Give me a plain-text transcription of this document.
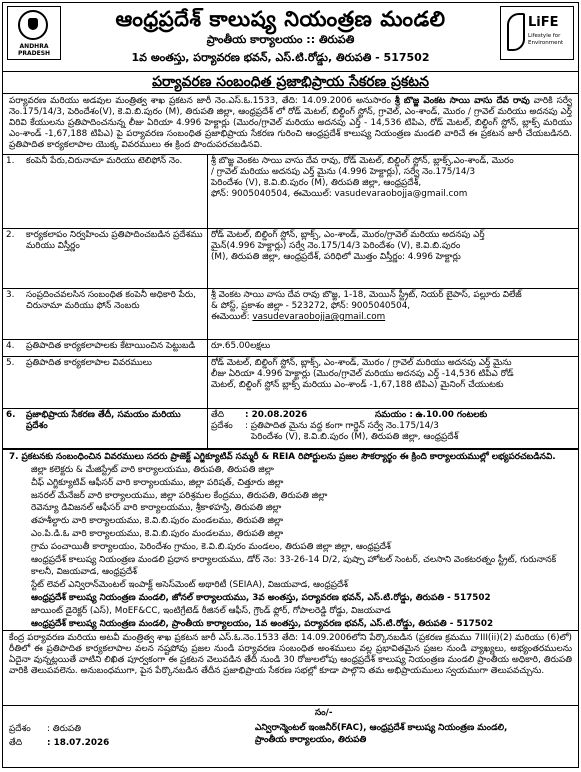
ANDHRA PRADESH
ఆంధ్రప్రదేశ్ కాలుష్య నియంత్రణ మండలి
ప్రాంతీయ కార్యాలయం :: తిరుపతి
1వ అంతస్తు, పర్యావరణ భవన్, ఎస్.టి.రోడ్డు, తిరుపతి - 517502
LiFE
Lifestyle for Environment
పర్యావరణ సంబంధిత ప్రజాభిప్రాయ సేకరణ ప్రకటన
పర్యావరణ మరియు అడవుల మంత్రిత్వ శాఖ ప్రకటన జారీ నెం.ఎస్.ఓ.1533, తేది: 14.09.2006 అనుసారం శ్రీ బొజ్జ వెంకట సాయి వాసు దేవ రావు వారికి సర్వే నెం.175/14/3, పెరిందేశం(V), కె.వి.బి.పురం (M), తిరుపతి జిల్లా, ఆంధ్రప్రదేశ్ లో రోడ్ మెటల్, బిల్డింగ్ స్టోన్, గ్రావెల్, ఎం-శాండ్, మొరం / గ్రావెల్ మరియు అదనపు ఎర్త్ విరివి కేయులను ప్రతిపాదించనున్న లీజు ఏరియా 4.996 హెక్టార్లు (మొరం/గ్రావెల్ మరియు అదనపు ఎర్త్ - 14,536 టిపిఎ, రోడ్ మెటల్, బిల్డింగ్ స్టోన్, బ్లాక్స్ మరియు ఎం-శాండ్ -1,67,188 టిపిఎ) పై పర్యావరణ సంబంధిత ప్రజాభిప్రాయ సేకరణ గురించి ఆంధ్రప్రదేశ్ కాలుష్య నియంత్రణ మండలి వారిచే ఈ ప్రకటన జారీ చేయబడినది. ప్రతిపాదిత కార్యకలాపాల యొక్క వివరములు ఈ క్రింద పొందుపరచబడినవి.
1.	కంపెనీ పేరు,చిరునామా మరియు టెలిఫోన్ నెం.	శ్రీ బొజ్జ వెంకట సాయి వాసు దేవ రావు, రోడ్ మెటల్, బిల్డింగ్ స్టోన్, బ్లాక్స్,ఎం-శాండ్, మొరం
/ గ్రావెల్ మరియు అదనపు ఎర్త్ మైను (4.996 హెక్టార్లు), సర్వే నెం.175/14/3
పెరిందేశం (V), కె.వి.బి.పురం (M), తిరుపతి జిల్లా, ఆంధ్రప్రదేశ్,
ఫోన్: 9005040504, ఈమెయిల్: vasudevaraobojja@gmail.com

2.	కార్యకలాపం నిర్వహించు ప్రతిపాదించబడిన ప్రదేశము మరియు విస్తీర్ణం	రోడ్ మెటల్, బిల్డింగ్ స్టోన్, బ్లాక్స్, ఎం-శాండ్, మొరం/గ్రావెల్ మరియు అదనపు ఎర్త్
మైన్(4.996 హెక్టార్లు) సర్వే నెం.175/14/3 పెరిందేశం (V), కె.వి.బి.పురం
(M), తిరుపతి జిల్లా, ఆంధ్రప్రదేశ్, పరిధిలో మొత్తం విస్తీర్ణం: 4.996 హెక్టార్లు

3.	సంప్రదించవలసిన సంబంధిత కంపెనీ అధికారి పేరు, చిరునామా మరియు ఫోన్ నెంబరు	శ్రీ వెంకట సాయి వాసు దేవ రావు బొజ్జ, 1-18, మెయిన్ స్ట్రీట్, నియర్ బైపాస్, పల్లూరు విలేజ్
& పోస్ట్, ప్రకాశం జిల్లా - 523272, ఫోన్: 9005040504,
ఈమెయిల్: vasudevaraobojja@gmail.com

4.	ప్రతిపాదిత కార్యకలాపాలకు కేటాయించిన పెట్టుబడి	రూ.65.00లక్షలు

5.	ప్రతిపాదిత కార్యకలాపాల వివరములు	రోడ్ మెటల్, బిల్డింగ్ స్టోన్, బ్లాక్స్, ఎం-శాండ్, మొరం / గ్రావెల్ మరియు అదనపు ఎర్త్ మైను
లీజు ఏరియా 4.996 హెక్టార్లు (మొరం/గ్రావెల్ మరియు అదనపు ఎర్త్ -14,536 టిపిఎ రోడ్
మెటల్, బిల్డింగ్ స్టోన్ బ్లాక్స్ మరియు ఎం-శాండ్ -1,67,188 టిపిఎ) మైనింగ్ చేయుటకు

6.	ప్రజాభిప్రాయ సేకరణ తేదీ, సమయం మరియు ప్రదేశం	తేది : 20.08.2026 సమయం : ఉ.10.00 గంటలకు
ప్రదేశం : ప్రతిపాదిత మైను వద్ద కంగా గార్డెన్ సర్వే నెం.175/14/3
పెరిందేశం (V), కె.వి.బి.పురం (M), తిరుపతి జిల్లా, ఆంధ్రప్రదేశ్
7. ప్రకటనకు సంబంధించిన వివరములు సదరు ప్రాజెక్ట్ ఎగ్జిక్యూటివ్ సమ్మరీ & REIA రిపోర్టులను ప్రజల సౌకర్యార్థం ఈ క్రింది కార్యాలయముల్లో లభ్యపరచబడినవి.
1. జిల్లా కలెక్టరు & మేజిస్ట్రేట్ వారి కార్యాలయము, తిరుపతి, తిరుపతి జిల్లా
2. చీఫ్ ఎగ్జిక్యూటివ్ ఆఫీసర్ వారి కార్యాలయము, జిల్లా పరిషత్, చిత్తూరు జిల్లా
3. జనరల్ మేనేజర్ వారి కార్యాలయము, జిల్లా పరిశ్రమల కేంద్రము, తిరుపతి, తిరుపతి జిల్లా
4. రెవెన్యూ డివిజనల్ ఆఫీసర్ వారి కార్యాలయము, శ్రీకాళహస్తి, తిరుపతి జిల్లా
5. తహశీల్దారు వారి కార్యాలయము, కె.వి.బి.పురం మండలము, తిరుపతి జిల్లా
6. ఎం.పి.డి.ఓ వారి కార్యాలయము, కె.వి.బి.పురం మండలము, తిరుపతి జిల్లా
7. గ్రామ పంచాయితీ కార్యాలయం, పెరిందేశం గ్రామం, కె.వి.బి.పురం మండలం, తిరుపతి జిల్లా జిల్లా, ఆంధ్రప్రదేశ్
8. ఆంధ్రప్రదేశ్ కాలుష్య నియంత్రణ మండలి ప్రధాన కార్యాలయము, డోర్ నెం: 33-26-14 D/2, పుష్పా హోటల్ సెంటర్, చలసాని వెంకటరత్నం స్ట్రీట్, గురునానక్ కాలనీ, విజయవాడ, ఆంధ్రప్రదేశ్
9. స్టేట్ లెవల్ ఎన్విరాన్‌మెంటల్ ఇంపాక్ట్ అసెస్‌మెంట్ అథారిటీ (SEIAA), విజయవాడ, ఆంధ్రప్రదేశ్
10. ఆంధ్రప్రదేశ్ కాలుష్య నియంత్రణ మండలి, జోనల్ కార్యాలయము, 3వ అంతస్తు, పర్యావరణ భవన్, ఎస్.టి.రోడ్డు, తిరుపతి - 517502
11. జాయింట్ డైరెక్టర్ (ఎస్), MoEF&CC, ఇంటిగ్రేటెడ్ రీజినల్ ఆఫీస్, గ్రౌండ్ ఫ్లోర్, గోపాలరెడ్డి రోడ్డు, విజయవాడ
12. ఆంధ్రప్రదేశ్ కాలుష్య నియంత్రణ మండలి, ప్రాంతీయ కార్యాలయం, 1వ అంతస్తు, పర్యావరణ భవన్, ఎస్.టి.రోడ్డు, తిరుపతి - 517502
కేంద్ర పర్యావరణ మరియు అటవీ మంత్రిత్వ శాఖ ప్రకటన జారీ ఎస్.ఓ.నెం.1533 తేది: 14.09.2006లోని పేర్కొనబడిన (ప్రకరణ క్రమము 7III(ii)(2) మరియు (6)లో) రీతిలో ఈ ప్రతిపాదిత కార్యకలాపాల వలన నష్టపోవు ప్రజల నుండి పర్యావరణ సంబంధిత అంశములు వల్ల ప్రభావితమైన ప్రజల నుండి వ్యాఖ్యలు, అభ్యంతరములను ఏదైనా వున్నట్లయితే వాటిని లిఖిత పూర్వకంగా ఈ ప్రకటన వెలువడిన తేదీ నుండి 30 రోజులలోపు ఆంధ్రప్రదేశ్ కాలుష్య నియంత్రణ మండలి ప్రాంతీయ అధికారి, తిరుపతి వారికి తెలుపవలెను. అనుబంధముగా, పైన పేర్కొనబడిన తేదీన ప్రజాభిప్రాయ సేకరణ సభల్లో కూడా పాల్గొని తమ అభిప్రాయములు స్వయముగా తెలుపవచ్చును.
సం/-
ప్రదేశం : తిరుపతి
తేది	: 18.07.2026
ఎన్విరాన్మెంటల్ ఇంజనీర్(FAC), ఆంధ్రప్రదేశ్ కాలుష్య నియంత్రణ మండలి,
ప్రాంతీయ కార్యాలయం, తిరుపతి
